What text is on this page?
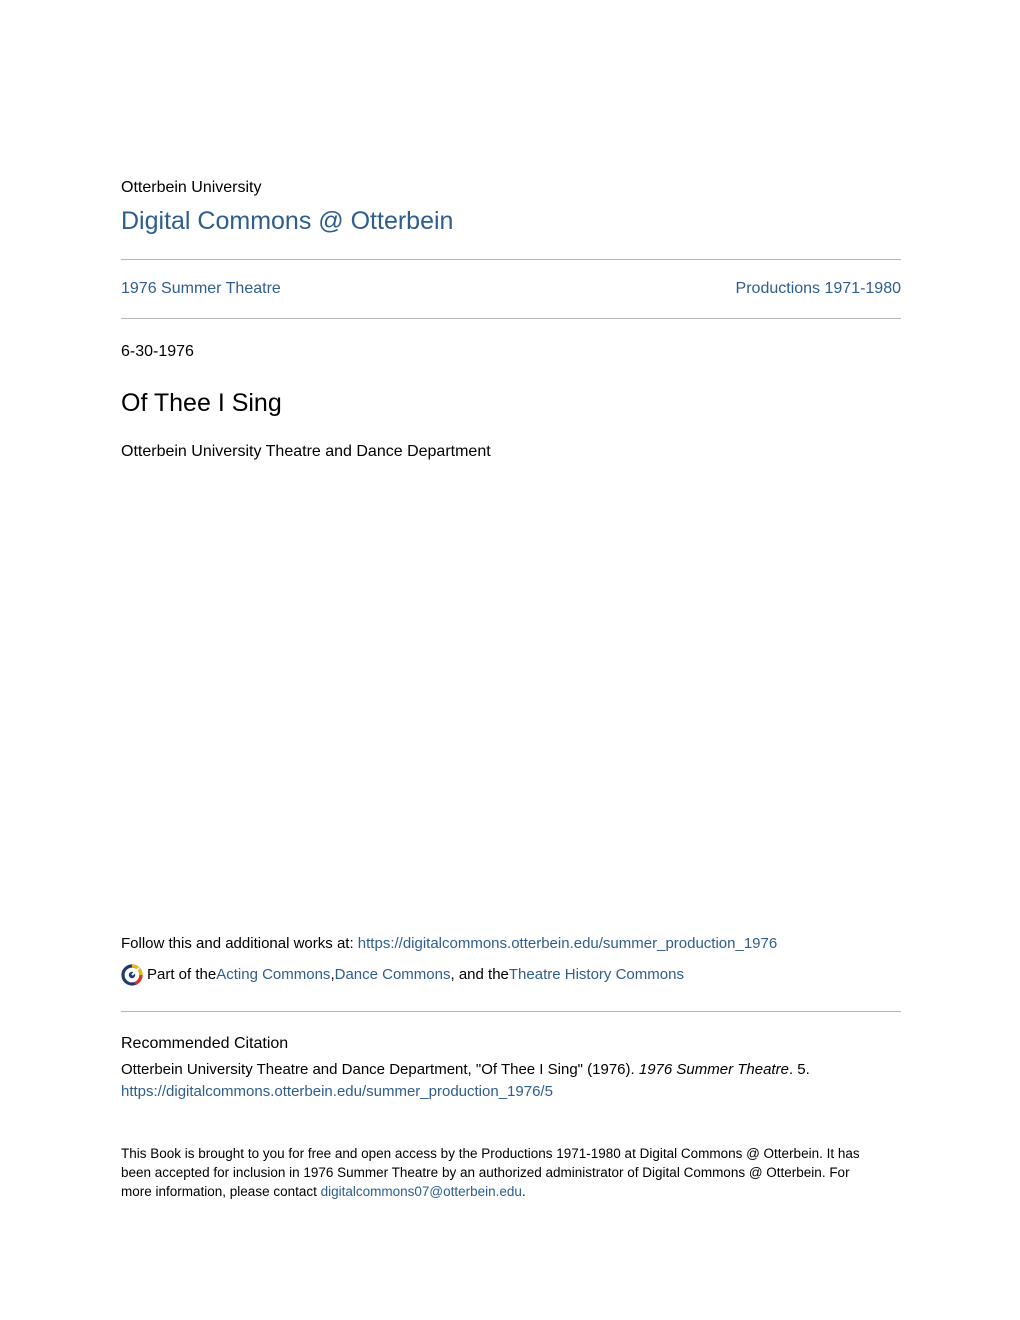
Otterbein University
Digital Commons @ Otterbein
1976 Summer Theatre	Productions 1971-1980
6-30-1976
Of Thee I Sing
Otterbein University Theatre and Dance Department
Follow this and additional works at: https://digitalcommons.otterbein.edu/summer_production_1976
Part of the Acting Commons , Dance Commons , and the Theatre History Commons
Recommended Citation
Otterbein University Theatre and Dance Department, "Of Thee I Sing" (1976). 1976 Summer Theatre. 5.
https://digitalcommons.otterbein.edu/summer_production_1976/5
This Book is brought to you for free and open access by the Productions 1971-1980 at Digital Commons @ Otterbein. It has been accepted for inclusion in 1976 Summer Theatre by an authorized administrator of Digital Commons @ Otterbein. For more information, please contact digitalcommons07@otterbein.edu.
